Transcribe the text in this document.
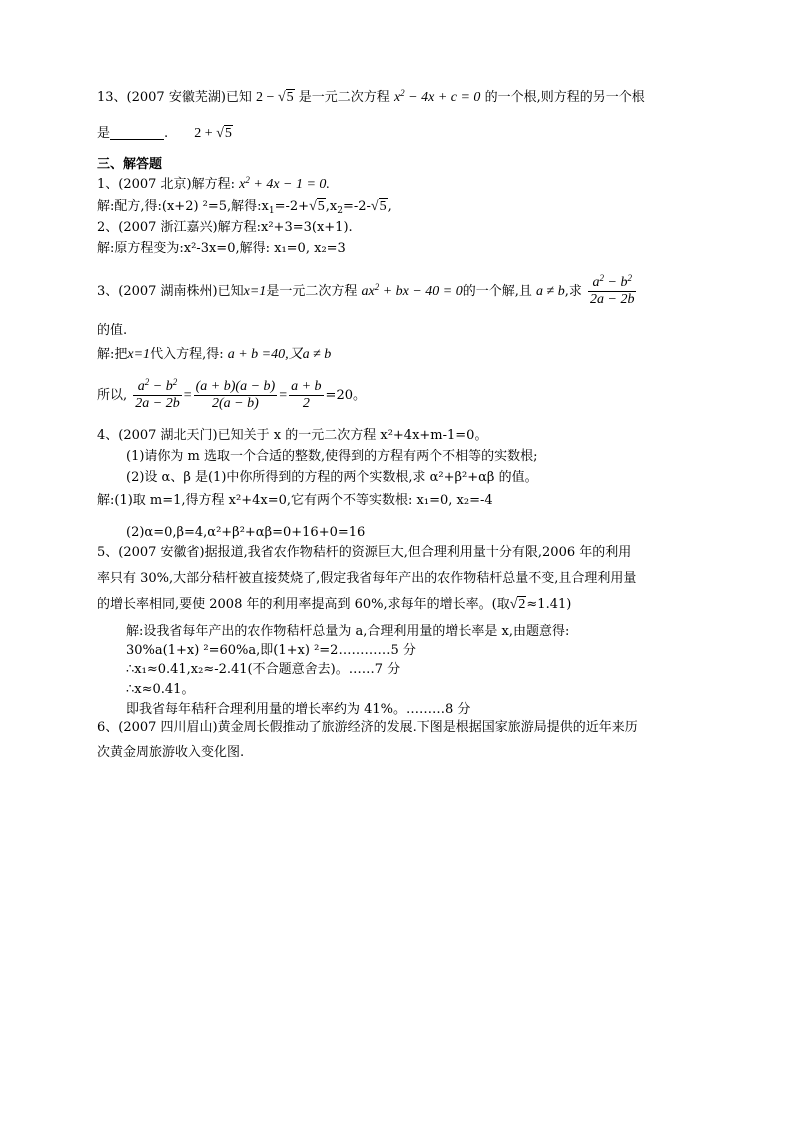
13、(2007 安徽芜湖)已知 2 − √5 是一元二次方程 $x^2 - 4x + c = 0$ 的一个根,则方程的另一个根
是	. 2 + √5
三、解答题
1、(2007 北京)解方程: $x^2 + 4x - 1 = 0$.
解:配方,得:(x+2) ²=5,解得$:x_1=-2+√5,x_2=-2-√5$,
2、(2007 浙江嘉兴)解方程:x²+3=3(x+1).
解:原方程变为:x²-3x=0,解得: x₁=0, x₂=3
3、(2007 湖南株州)已知x=1是一元二次方程 $ax^2$ + bx − 40 = 0的一个解,且 a ≠ b,求 $\frac{a^2 - b^2}{2a - 2b}$
的值.
解:把x=1代入方程,得: a + b =40,又a ≠ b
所以, $\frac{a^2 - b^2}{2a - 2b} = \frac{(a + b)(a - b)}{2(a - b)} = \frac{a + b}{2} =20$。
4、(2007 湖北天门)已知关于 x 的一元二次方程 x²+4x+m-1=0。
(1)请你为 m 选取一个合适的整数,使得到的方程有两个不相等的实数根;
(2)设 α、β 是(1)中你所得到的方程的两个实数根,求 α²+β²+αβ 的值。
解:(1)取 m=1,得方程 x²+4x=0,它有两个不等实数根: x₁=0, x₂=-4
(2)α=0,β=4,α²+β²+αβ=0+16+0=16
5、(2007 安徽省)据报道,我省农作物秸杆的资源巨大,但合理利用量十分有限,2006 年的利用
率只有 30%,大部分秸杆被直接焚烧了,假定我省每年产出的农作物秸杆总量不变,且合理利用量
的增长率相同,要使 2008 年的利用率提高到 60%,求每年的增长率。(取√2≈1.41)
解:设我省每年产出的农作物秸杆总量为 a,合理利用量的增长率是 x,由题意得:
30%a(1+x) ²=60%a,即(1+x) ²=2…………5 分
∴x₁≈0.41,x₂≈-2.41(不合题意舍去)。……7 分
∴x≈0.41。
即我省每年秸秆合理利用量的增长率约为 41%。………8 分
6、(2007 四川眉山)黄金周长假推动了旅游经济的发展.下图是根据国家旅游局提供的近年来历
次黄金周旅游收入变化图.
